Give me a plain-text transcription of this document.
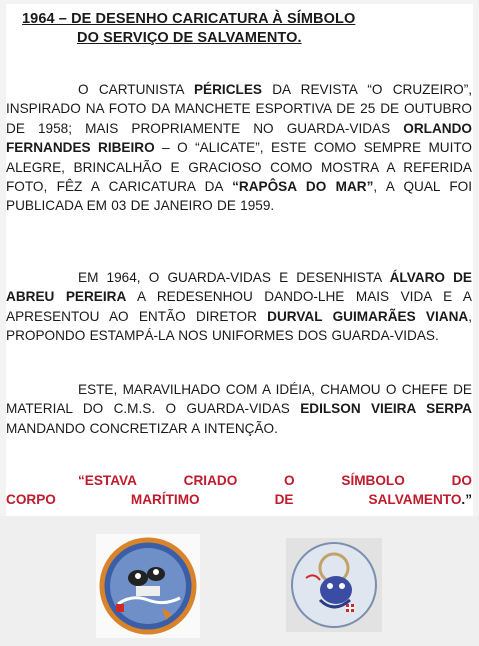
1964 – DE DESENHO CARICATURA À SÍMBOLO
DO SERVIÇO DE SALVAMENTO.
O CARTUNISTA PÉRICLES DA REVISTA “O CRUZEIRO”, INSPIRADO NA FOTO DA MANCHETE ESPORTIVA DE 25 DE OUTUBRO DE 1958; MAIS PROPRIAMENTE NO GUARDA-VIDAS ORLANDO FERNANDES RIBEIRO – O “ALICATE”, ESTE COMO SEMPRE MUITO ALEGRE, BRINCALHÃO E GRACIOSO COMO MOSTRA A REFERIDA FOTO, FÊZ A CARICATURA DA “RAPÔSA DO MAR”, A QUAL FOI PUBLICADA EM 03 DE JANEIRO DE 1959.
EM 1964, O GUARDA-VIDAS E DESENHISTA ÁLVARO DE ABREU PEREIRA A REDESENHOU DANDO-LHE MAIS VIDA E A APRESENTOU AO ENTÃO DIRETOR DURVAL GUIMARÃES VIANA, PROPONDO ESTAMPÁ-LA NOS UNIFORMES DOS GUARDA-VIDAS.
ESTE, MARAVILHADO COM A IDÉIA, CHAMOU O CHEFE DE MATERIAL DO C.M.S. O GUARDA-VIDAS EDILSON VIEIRA SERPA MANDANDO CONCRETIZAR A INTENÇÃO.
“ESTAVA	CRIADO	O	SÍMBOLO	DO
CORPO	MARÍTIMO	DE	SALVAMENTO.”
